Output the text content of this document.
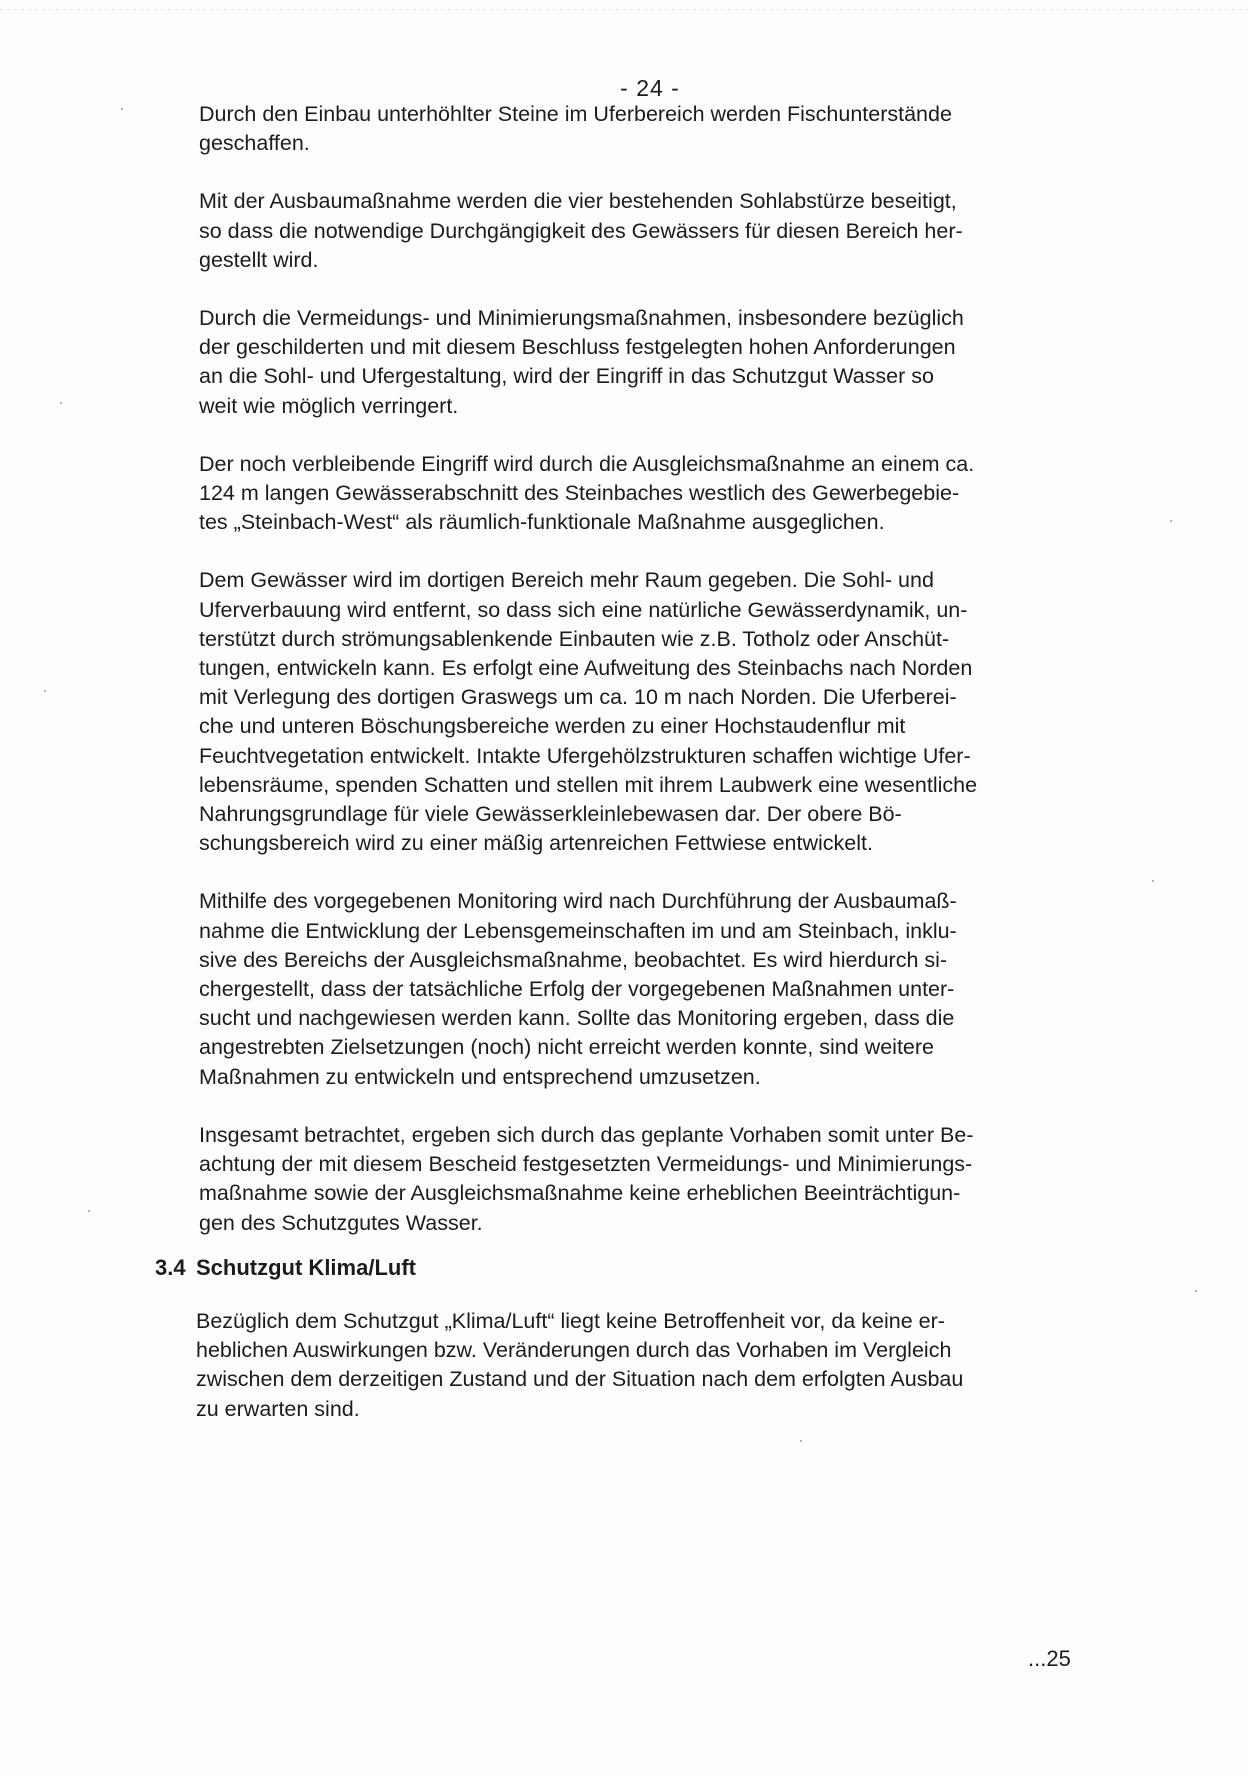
- 24 -

Durch den Einbau unterhöhlter Steine im Uferbereich werden Fischunterstände
geschaffen.

Mit der Ausbaumaßnahme werden die vier bestehenden Sohlabstürze beseitigt,
so dass die notwendige Durchgängigkeit des Gewässers für diesen Bereich her-
gestellt wird.

Durch die Vermeidungs- und Minimierungsmaßnahmen, insbesondere bezüglich
der geschilderten und mit diesem Beschluss festgelegten hohen Anforderungen
an die Sohl- und Ufergestaltung, wird der Eingriff in das Schutzgut Wasser so
weit wie möglich verringert.

Der noch verbleibende Eingriff wird durch die Ausgleichsmaßnahme an einem ca.
124 m langen Gewässerabschnitt des Steinbaches westlich des Gewerbegebie-
tes „Steinbach-West“ als räumlich-funktionale Maßnahme ausgeglichen.

Dem Gewässer wird im dortigen Bereich mehr Raum gegeben. Die Sohl- und
Uferverbauung wird entfernt, so dass sich eine natürliche Gewässerdynamik, un-
terstützt durch strömungsablenkende Einbauten wie z.B. Totholz oder Anschüt-
tungen, entwickeln kann. Es erfolgt eine Aufweitung des Steinbachs nach Norden
mit Verlegung des dortigen Graswegs um ca. 10 m nach Norden. Die Uferberei-
che und unteren Böschungsbereiche werden zu einer Hochstaudenflur mit
Feuchtvegetation entwickelt. Intakte Ufergehölzstrukturen schaffen wichtige Ufer-
lebensräume, spenden Schatten und stellen mit ihrem Laubwerk eine wesentliche
Nahrungsgrundlage für viele Gewässerkleinlebewasen dar. Der obere Bö-
schungsbereich wird zu einer mäßig artenreichen Fettwiese entwickelt.

Mithilfe des vorgegebenen Monitoring wird nach Durchführung der Ausbaumaß-
nahme die Entwicklung der Lebensgemeinschaften im und am Steinbach, inklu-
sive des Bereichs der Ausgleichsmaßnahme, beobachtet. Es wird hierdurch si-
chergestellt, dass der tatsächliche Erfolg der vorgegebenen Maßnahmen unter-
sucht und nachgewiesen werden kann. Sollte das Monitoring ergeben, dass die
angestrebten Zielsetzungen (noch) nicht erreicht werden konnte, sind weitere
Maßnahmen zu entwickeln und entsprechend umzusetzen.

Insgesamt betrachtet, ergeben sich durch das geplante Vorhaben somit unter Be-
achtung der mit diesem Bescheid festgesetzten Vermeidungs- und Minimierungs-
maßnahme sowie der Ausgleichsmaßnahme keine erheblichen Beeinträchtigun-
gen des Schutzgutes Wasser.

3.4 Schutzgut Klima/Luft

Bezüglich dem Schutzgut „Klima/Luft“ liegt keine Betroffenheit vor, da keine er-
heblichen Auswirkungen bzw. Veränderungen durch das Vorhaben im Vergleich
zwischen dem derzeitigen Zustand und der Situation nach dem erfolgten Ausbau
zu erwarten sind.

...25
